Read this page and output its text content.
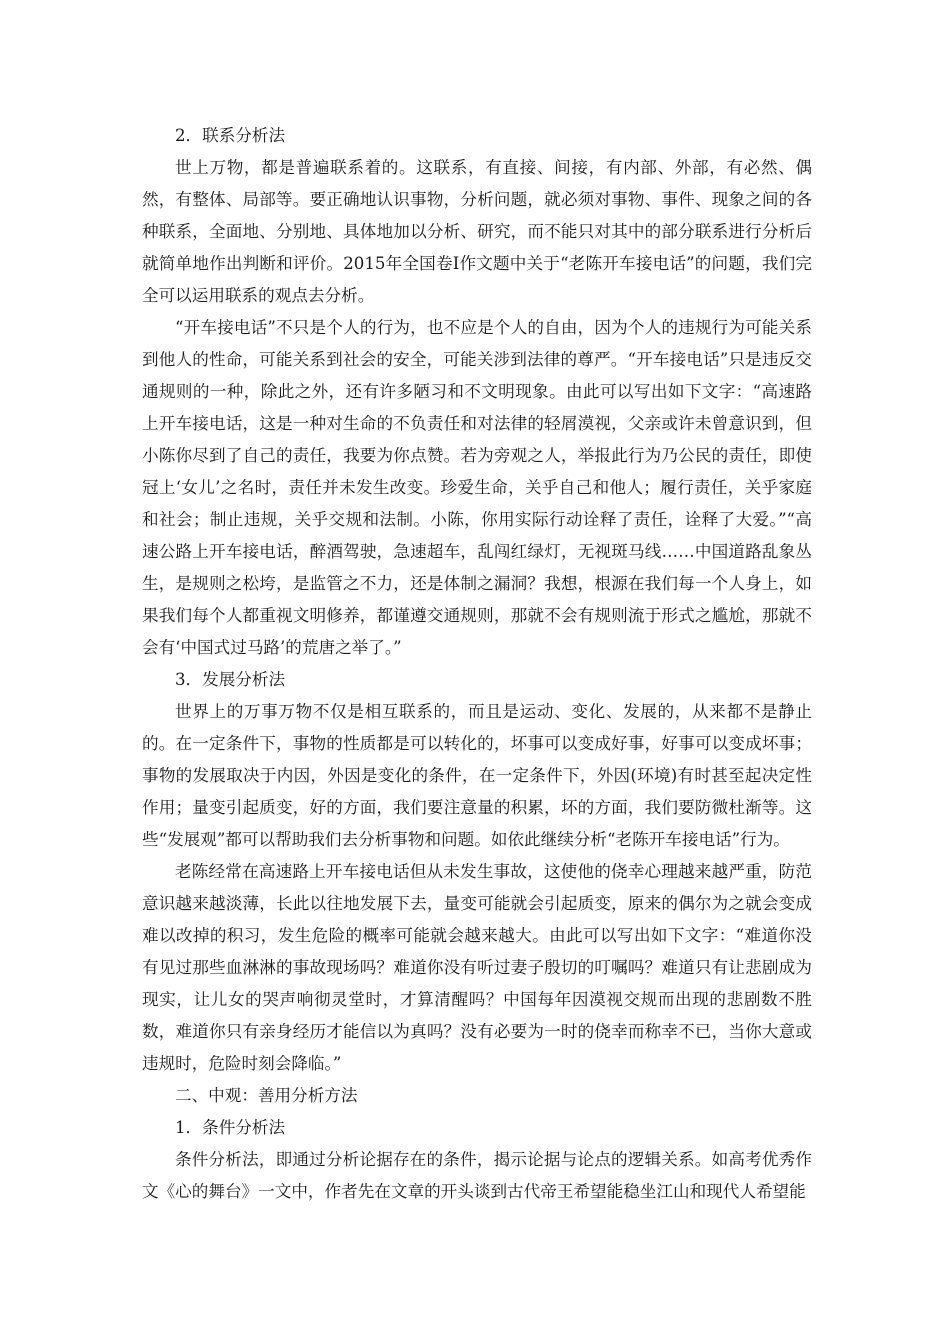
2．联系分析法

世上万物，都是普遍联系着的。这联系，有直接、间接，有内部、外部，有必然、偶然，有整体、局部等。要正确地认识事物，分析问题，就必须对事物、事件、现象之间的各种联系，全面地、分别地、具体地加以分析、研究，而不能只对其中的部分联系进行分析后就简单地作出判断和评价。2015年全国卷Ⅰ作文题中关于“老陈开车接电话”的问题，我们完全可以运用联系的观点去分析。

“开车接电话”不只是个人的行为，也不应是个人的自由，因为个人的违规行为可能关系到他人的性命，可能关系到社会的安全，可能关涉到法律的尊严。“开车接电话”只是违反交通规则的一种，除此之外，还有许多陋习和不文明现象。由此可以写出如下文字：“高速路上开车接电话，这是一种对生命的不负责任和对法律的轻屑漠视，父亲或许未曾意识到，但小陈你尽到了自己的责任，我要为你点赞。若为旁观之人，举报此行为乃公民的责任，即使冠上‘女儿’之名时，责任并未发生改变。珍爱生命，关乎自己和他人；履行责任，关乎家庭和社会；制止违规，关乎交规和法制。小陈，你用实际行动诠释了责任，诠释了大爱。”“高速公路上开车接电话，醉酒驾驶，急速超车，乱闯红绿灯，无视斑马线……中国道路乱象丛生，是规则之松垮，是监管之不力，还是体制之漏洞？我想，根源在我们每一个人身上，如果我们每个人都重视文明修养，都谨遵交通规则，那就不会有规则流于形式之尴尬，那就不会有‘中国式过马路’的荒唐之举了。”

3．发展分析法

世界上的万事万物不仅是相互联系的，而且是运动、变化、发展的，从来都不是静止的。在一定条件下，事物的性质都是可以转化的，坏事可以变成好事，好事可以变成坏事；事物的发展取决于内因，外因是变化的条件，在一定条件下，外因(环境)有时甚至起决定性作用；量变引起质变，好的方面，我们要注意量的积累，坏的方面，我们要防微杜渐等。这些“发展观”都可以帮助我们去分析事物和问题。如依此继续分析“老陈开车接电话”行为。

老陈经常在高速路上开车接电话但从未发生事故，这使他的侥幸心理越来越严重，防范意识越来越淡薄，长此以往地发展下去，量变可能就会引起质变，原来的偶尔为之就会变成难以改掉的积习，发生危险的概率可能就会越来越大。由此可以写出如下文字：“难道你没有见过那些血淋淋的事故现场吗？难道你没有听过妻子殷切的叮嘱吗？难道只有让悲剧成为现实，让儿女的哭声响彻灵堂时，才算清醒吗？中国每年因漠视交规而出现的悲剧数不胜数，难道你只有亲身经历才能信以为真吗？没有必要为一时的侥幸而称幸不已，当你大意或违规时，危险时刻会降临。”

二、中观：善用分析方法

1．条件分析法

条件分析法，即通过分析论据存在的条件，揭示论据与论点的逻辑关系。如高考优秀作文《心的舞台》一文中，作者先在文章的开头谈到古代帝王希望能稳坐江山和现代人希望能
